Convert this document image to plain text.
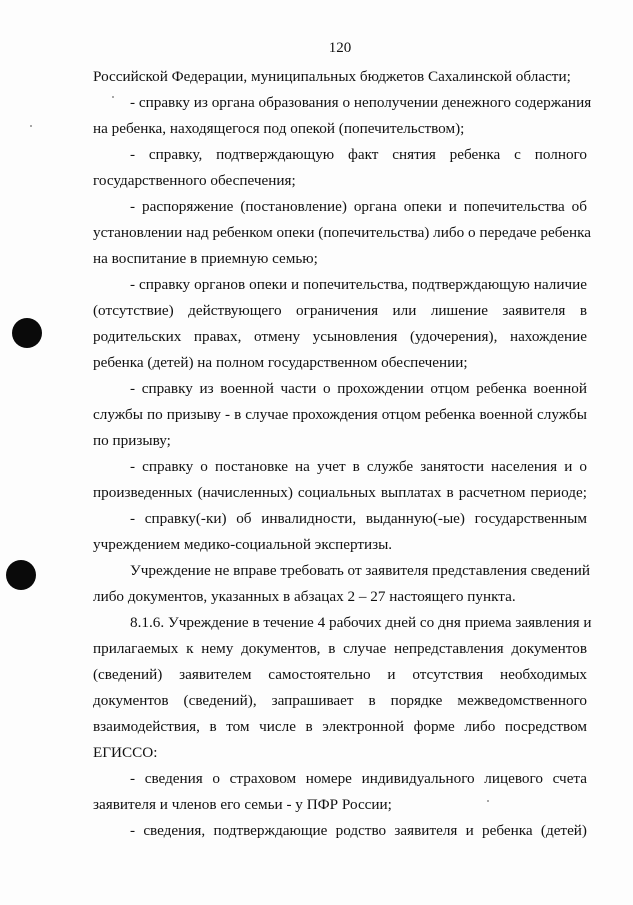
120
Российской Федерации, муниципальных бюджетов Сахалинской области;
- справку из органа образования о неполучении денежного содержания
на ребенка, находящегося под опекой (попечительством);
- справку, подтверждающую факт снятия ребенка с полного
государственного обеспечения;
- распоряжение (постановление) органа опеки и попечительства об
установлении над ребенком опеки (попечительства) либо о передаче ребенка
на воспитание в приемную семью;
- справку органов опеки и попечительства, подтверждающую наличие
(отсутствие) действующего ограничения или лишение заявителя в
родительских правах, отмену усыновления (удочерения), нахождение
ребенка (детей) на полном государственном обеспечении;
- справку из военной части о прохождении отцом ребенка военной
службы по призыву - в случае прохождения отцом ребенка военной службы
по призыву;
- справку о постановке на учет в службе занятости населения и о
произведенных (начисленных) социальных выплатах в расчетном периоде;
- справку(-ки) об инвалидности, выданную(-ые) государственным
учреждением медико-социальной экспертизы.
Учреждение не вправе требовать от заявителя представления сведений
либо документов, указанных в абзацах 2 – 27 настоящего пункта.
8.1.6. Учреждение в течение 4 рабочих дней со дня приема заявления и
прилагаемых к нему документов, в случае непредставления документов
(сведений) заявителем самостоятельно и отсутствия необходимых
документов (сведений), запрашивает в порядке межведомственного
взаимодействия, в том числе в электронной форме либо посредством
ЕГИССО:
- сведения о страховом номере индивидуального лицевого счета
заявителя и членов его семьи - у ПФР России;
- сведения, подтверждающие родство заявителя и ребенка (детей)
